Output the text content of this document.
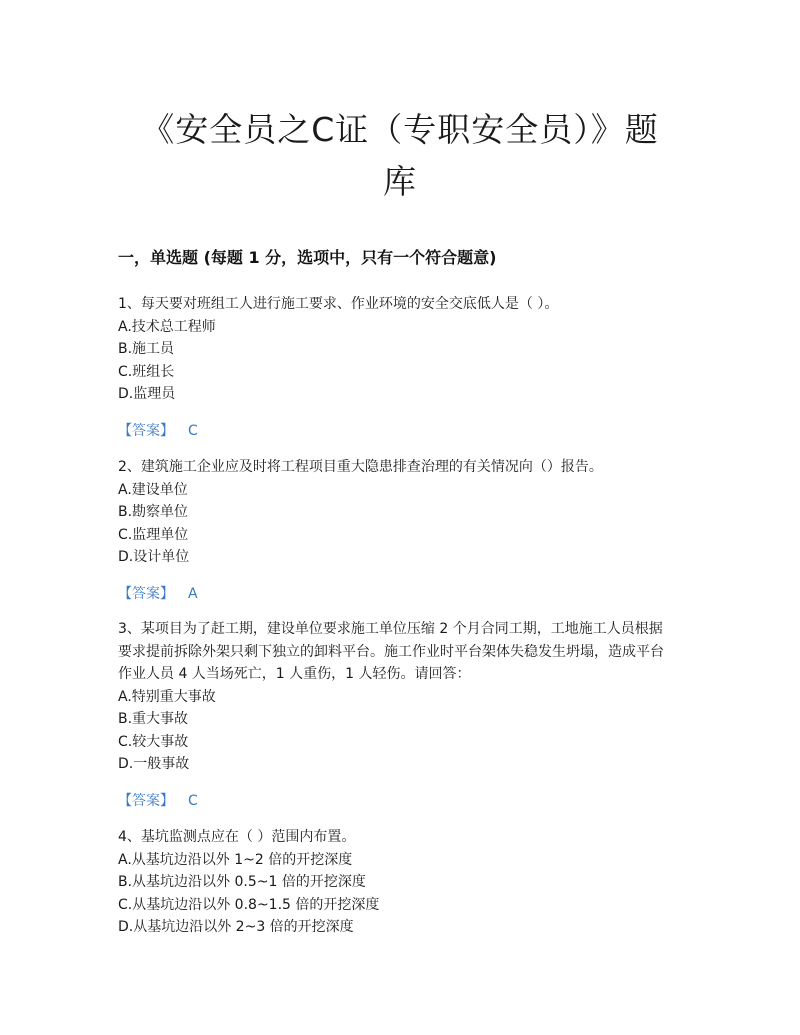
《安全员之C证（专职安全员）》题
库
一，单选题 (每题 1 分，选项中，只有一个符合题意)

1、每天要对班组工人进行施工要求、作业环境的安全交底低人是（ ）。

A.技术总工程师

B.施工员

C.班组长

D.监理员

【答案】 C

2、建筑施工企业应及时将工程项目重大隐患排查治理的有关情况向（）报告。

A.建设单位

B.勘察单位

C.监理单位

D.设计单位

【答案】 A

3、某项目为了赶工期，建设单位要求施工单位压缩 2 个月合同工期，工地施工人员根据

要求提前拆除外架只剩下独立的卸料平台。施工作业时平台架体失稳发生坍塌，造成平台

作业人员 4 人当场死亡，1 人重伤，1 人轻伤。请回答：

A.特别重大事故

B.重大事故

C.较大事故

D.一般事故

【答案】 C

4、基坑监测点应在（ ）范围内布置。

A.从基坑边沿以外 1~2 倍的开挖深度

B.从基坑边沿以外 0.5~1 倍的开挖深度

C.从基坑边沿以外 0.8~1.5 倍的开挖深度

D.从基坑边沿以外 2~3 倍的开挖深度
